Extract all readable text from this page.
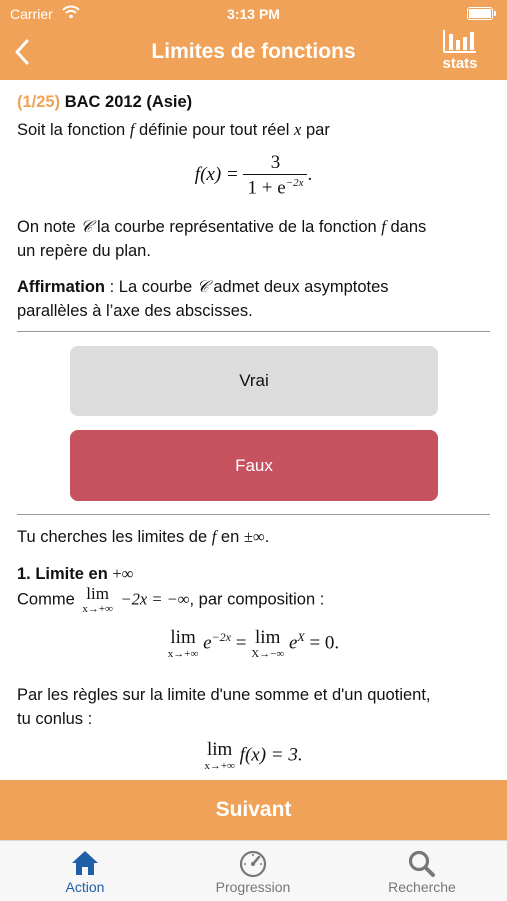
Carrier	3:13 PM
Limites de fonctions
stats
(1/25) BAC 2012 (Asie)
Soit la fonction f définie pour tout réel x par
$f(x) = \frac{3}{1 + e^{-2x}}$ .
On note 𝒞 la courbe représentative de la fonction f dans
un repère du plan.
Affirmation : La courbe 𝒞 admet deux asymptotes
parallèles à l’axe des abscisses.
Vrai
Faux
Tu cherches les limites de f en ±∞.
1. Limite en +∞
Comme lim
x→+∞
−2x = −∞, par composition :
lim
x→+∞
$e^{-2x} = \lim$
X→−∞
$e^X = 0$.
Par les règles sur la limite d'une somme et d'un quotient,
tu conlus :
lim
x→+∞
f(x) = 3.
Suivant
Action	Progression	Recherche
